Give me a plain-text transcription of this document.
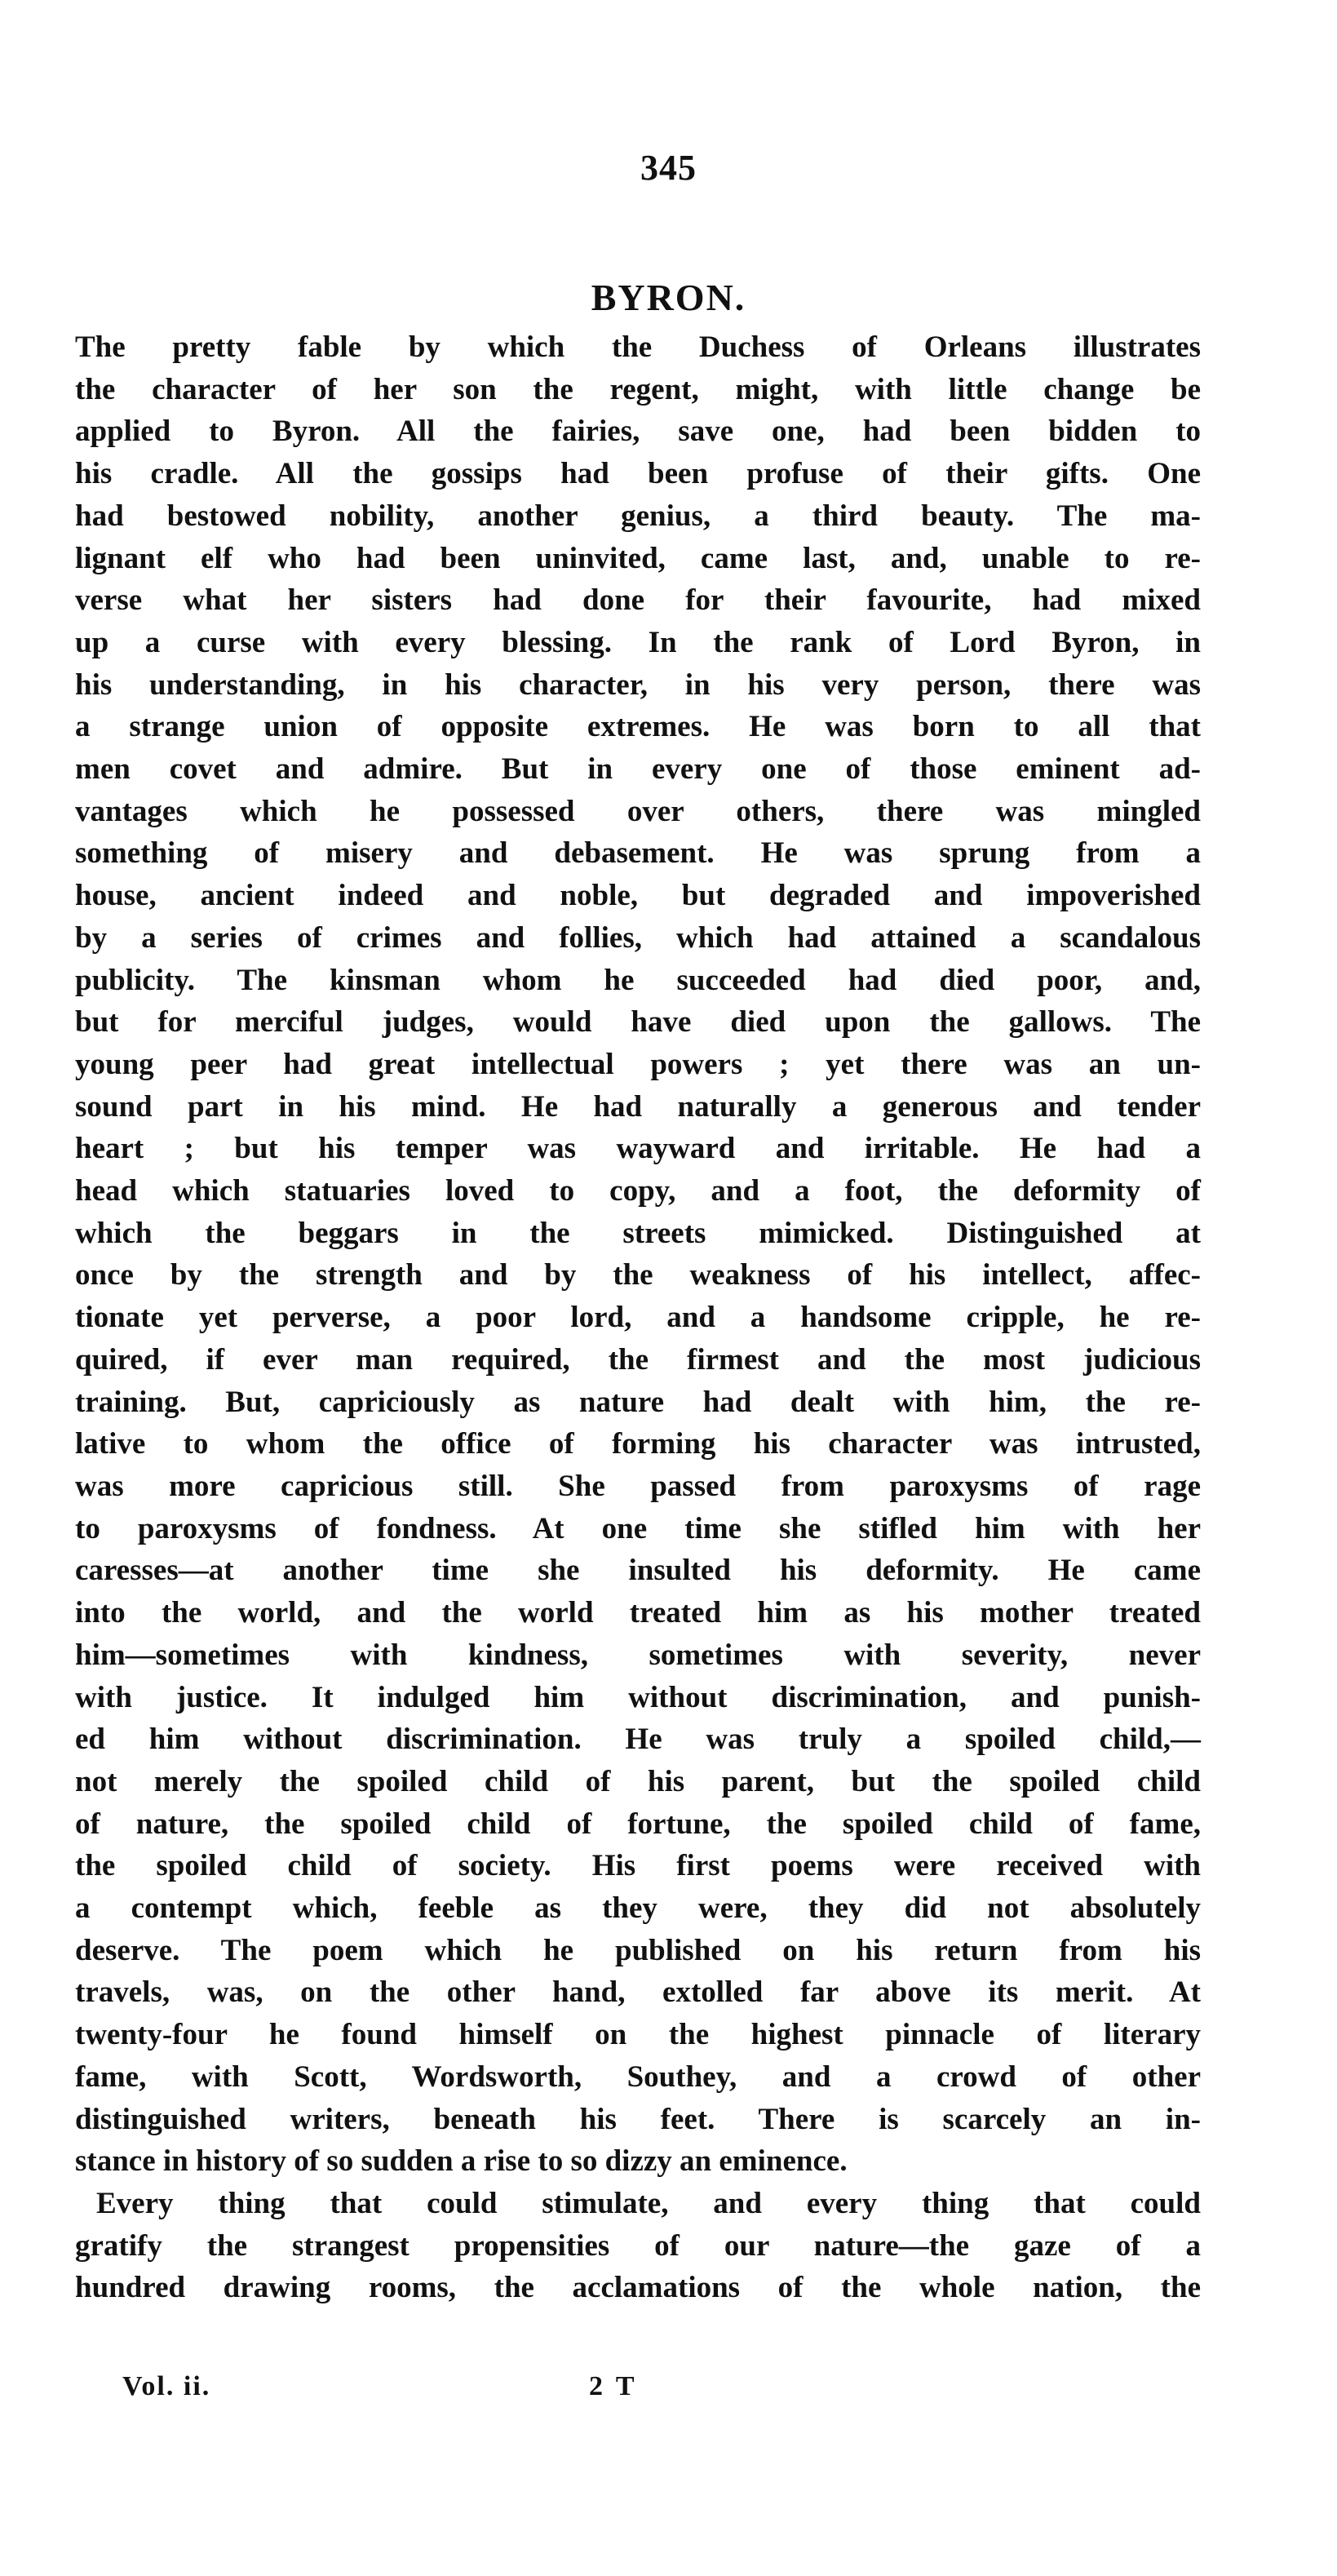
345
BYRON.
The pretty fable by which the Duchess of Orleans illustrates
the character of her son the regent, might, with little change be
applied to Byron. All the fairies, save one, had been bidden to
his cradle. All the gossips had been profuse of their gifts. One
had bestowed nobility, another genius, a third beauty. The ma-
lignant elf who had been uninvited, came last, and, unable to re-
verse what her sisters had done for their favourite, had mixed
up a curse with every blessing. In the rank of Lord Byron, in
his understanding, in his character, in his very person, there was
a strange union of opposite extremes. He was born to all that
men covet and admire. But in every one of those eminent ad-
vantages which he possessed over others, there was mingled
something of misery and debasement. He was sprung from a
house, ancient indeed and noble, but degraded and impoverished
by a series of crimes and follies, which had attained a scandalous
publicity. The kinsman whom he succeeded had died poor, and,
but for merciful judges, would have died upon the gallows. The
young peer had great intellectual powers ; yet there was an un-
sound part in his mind. He had naturally a generous and tender
heart ; but his temper was wayward and irritable. He had a
head which statuaries loved to copy, and a foot, the deformity of
which the beggars in the streets mimicked. Distinguished at
once by the strength and by the weakness of his intellect, affec-
tionate yet perverse, a poor lord, and a handsome cripple, he re-
quired, if ever man required, the firmest and the most judicious
training. But, capriciously as nature had dealt with him, the re-
lative to whom the office of forming his character was intrusted,
was more capricious still. She passed from paroxysms of rage
to paroxysms of fondness. At one time she stifled him with her
caresses—at another time she insulted his deformity. He came
into the world, and the world treated him as his mother treated
him—sometimes with kindness, sometimes with severity, never
with justice. It indulged him without discrimination, and punish-
ed him without discrimination. He was truly a spoiled child,—
not merely the spoiled child of his parent, but the spoiled child
of nature, the spoiled child of fortune, the spoiled child of fame,
the spoiled child of society. His first poems were received with
a contempt which, feeble as they were, they did not absolutely
deserve. The poem which he published on his return from his
travels, was, on the other hand, extolled far above its merit. At
twenty-four he found himself on the highest pinnacle of literary
fame, with Scott, Wordsworth, Southey, and a crowd of other
distinguished writers, beneath his feet. There is scarcely an in-
stance in history of so sudden a rise to so dizzy an eminence.
Every thing that could stimulate, and every thing that could
gratify the strangest propensities of our nature—the gaze of a
hundred drawing rooms, the acclamations of the whole nation, the
Vol. ii.	2 T
